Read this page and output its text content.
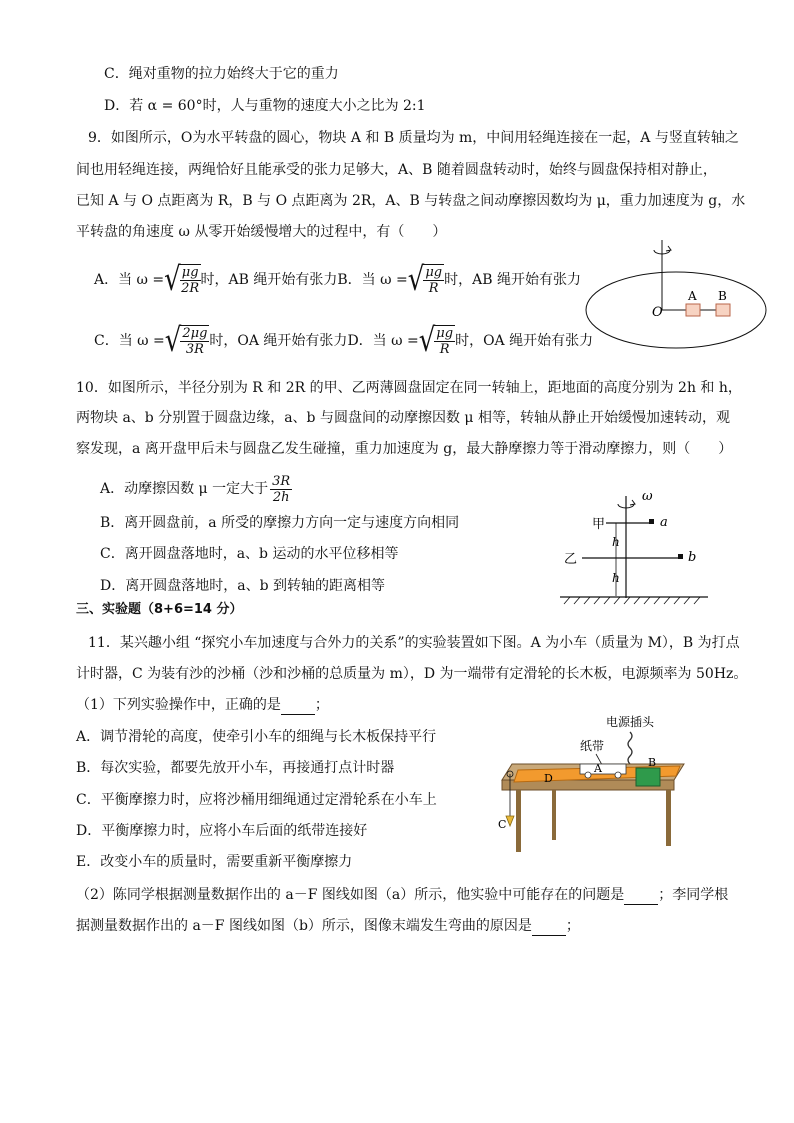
C．绳对重物的拉力始终大于它的重力
D．若 α = 60°时，人与重物的速度大小之比为 2:1
9．如图所示，O为水平转盘的圆心，物块 A 和 B 质量均为 m，中间用轻绳连接在一起，A 与竖直转轴之
间也用轻绳连接，两绳恰好且能承受的张力足够大，A、B 随着圆盘转动时，始终与圆盘保持相对静止，
已知 A 与 O 点距离为 R，B 与 O 点距离为 2R，A、B 与转盘之间动摩擦因数均为 μ，重力加速度为 g，水
平转盘的角速度 ω 从零开始缓慢增大的过程中，有（　　）
A．当 ω = √ $\frac{\mu g}{2R}$ 时，AB 绳开始有张力 B．当 ω = √ $\frac{\mu g}{R}$ 时，AB 绳开始有张力
C．当 ω = √ $\frac{2\mu g}{3R}$ 时，OA 绳开始有张力 D．当 ω = √ $\frac{\mu g}{R}$ 时，OA 绳开始有张力
O
A B
10．如图所示，半径分别为 R 和 2R 的甲、乙两薄圆盘固定在同一转轴上，距地面的高度分别为 2h 和 h，
两物块 a、b 分别置于圆盘边缘，a、b 与圆盘间的动摩擦因数 μ 相等，转轴从静止开始缓慢加速转动，观
察发现，a 离开盘甲后未与圆盘乙发生碰撞，重力加速度为 g，最大静摩擦力等于滑动摩擦力，则（　　）
A．动摩擦因数 μ 一定大于 $\frac{3R}{2h}$
B．离开圆盘前，a 所受的摩擦力方向一定与速度方向相同
C．离开圆盘落地时，a、b 运动的水平位移相等
D．离开圆盘落地时，a、b 到转轴的距离相等
ω
a
甲
b
乙
h
h
三、实验题（8+6=14 分）
11．某兴趣小组 “探究小车加速度与合外力的关系”的实验装置如下图。A 为小车（质量为 M），B 为打点
计时器，C 为装有沙的沙桶（沙和沙桶的总质量为 m），D 为一端带有定滑轮的长木板，电源频率为 50Hz。
（1）下列实验操作中，正确的是 ；
A．调节滑轮的高度，使牵引小车的细绳与长木板保持平行
B．每次实验，都要先放开小车，再接通打点计时器
C．平衡摩擦力时，应将沙桶用细绳通过定滑轮系在小车上
D．平衡摩擦力时，应将小车后面的纸带连接好
E．改变小车的质量时，需要重新平衡摩擦力
（2）陈同学根据测量数据作出的 a－F 图线如图（a）所示，他实验中可能存在的问题是 ；李同学根
据测量数据作出的 a－F 图线如图（b）所示，图像末端发生弯曲的原因是 ；
电源插头
纸带
A	B
D
C
